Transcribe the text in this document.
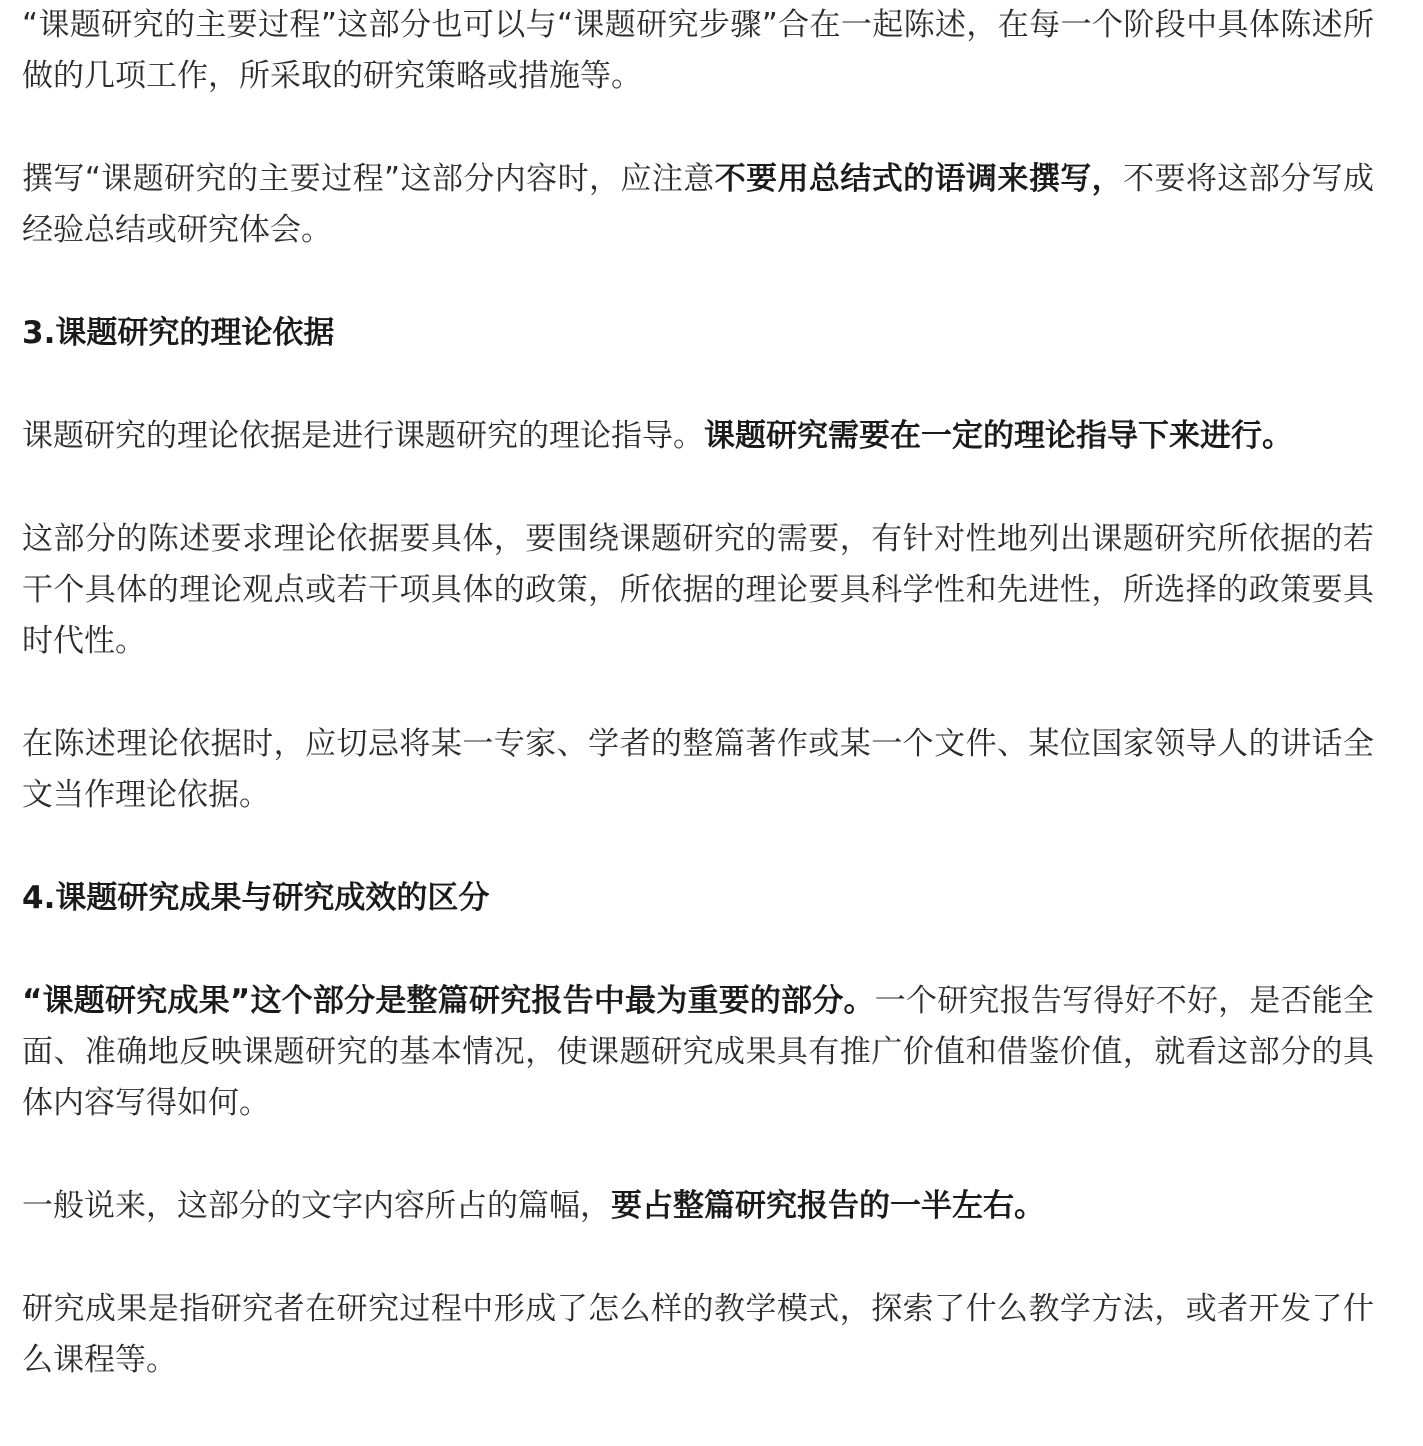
“课题研究的主要过程”这部分也可以与“课题研究步骤”合在一起陈述，在每一个阶段中具体陈述所做的几项工作，所采取的研究策略或措施等。

撰写“课题研究的主要过程”这部分内容时，应注意不要用总结式的语调来撰写，不要将这部分写成经验总结或研究体会。

3.课题研究的理论依据

课题研究的理论依据是进行课题研究的理论指导。课题研究需要在一定的理论指导下来进行。

这部分的陈述要求理论依据要具体，要围绕课题研究的需要，有针对性地列出课题研究所依据的若干个具体的理论观点或若干项具体的政策，所依据的理论要具科学性和先进性，所选择的政策要具时代性。

在陈述理论依据时，应切忌将某一专家、学者的整篇著作或某一个文件、某位国家领导人的讲话全文当作理论依据。

4.课题研究成果与研究成效的区分

“课题研究成果”这个部分是整篇研究报告中最为重要的部分。一个研究报告写得好不好，是否能全面、准确地反映课题研究的基本情况，使课题研究成果具有推广价值和借鉴价值，就看这部分的具体内容写得如何。

一般说来，这部分的文字内容所占的篇幅，要占整篇研究报告的一半左右。

研究成果是指研究者在研究过程中形成了怎么样的教学模式，探索了什么教学方法，或者开发了什么课程等。
